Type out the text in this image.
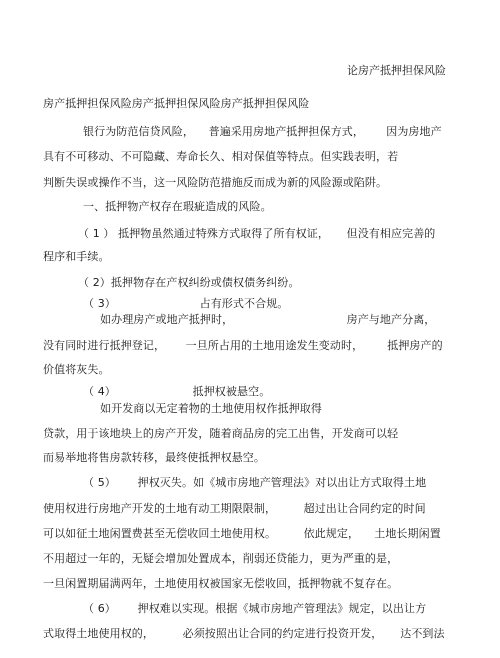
论房产抵押担保风险
房产抵押担保风险房产抵押担保风险房产抵押担保风险
银行为防范信贷风险， 普遍采用房地产抵押担保方式， 因为房地产
具有不可移动、不可隐藏、寿命长久、相对保值等特点。但实践表明，若
判断失误或操作不当，这一风险防范措施反而成为新的风险源或陷阱。
一、抵押物产权存在瑕疵造成的风险。
（ 1 ） 抵押物虽然通过特殊方式取得了所有权证， 但没有相应完善的
程序和手续。
（ 2）抵押物存在产权纠纷或债权债务纠纷。
（ 3）	占有形式不合规。
如办理房产或地产抵押时，	房产与地产分离，
没有同时进行抵押登记， 一旦所占用的土地用途发生变动时， 抵押房产的
价值将灰失。
（ 4）	抵押权被悬空。
如开发商以无定着物的土地使用权作抵押取得
贷款，用于该地块上的房产开发，随着商品房的完工出售，开发商可以轻
而易举地将售房款转移，最终使抵押权悬空。
（ 5） 押权灭失。如《城市房地产管理法》对以出让方式取得土地
使用权进行房地产开发的土地有动工期限限制，	超过出让合同约定的时间
可以如征土地闲置费甚至无偿收回土地使用权。	依此规定， 土地长期闲置
不用超过一年的，无疑会增加处置成本，削弱还贷能力，更为严重的是，
一旦闲置期届满两年，土地使用权被国家无偿收回，抵押物就不复存在。
（ 6） 押权难以实现。根据《城市房地产管理法》规定，以出让方
式取得土地使用权的，	必须按照出让合同的约定进行投资开发， 达不到法
